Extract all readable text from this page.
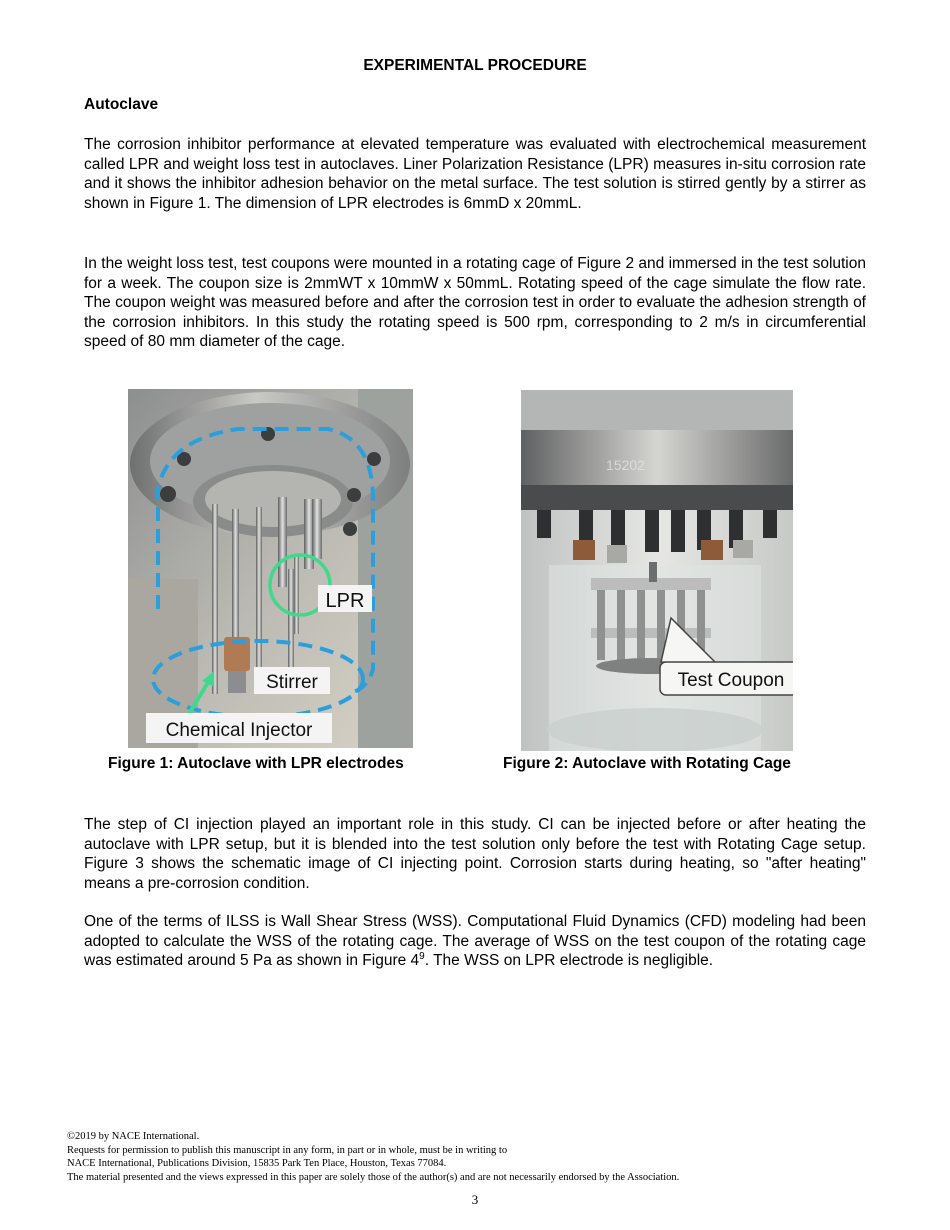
EXPERIMENTAL PROCEDURE
Autoclave

The corrosion inhibitor performance at elevated temperature was evaluated with electrochemical measurement called LPR and weight loss test in autoclaves. Liner Polarization Resistance (LPR) measures in-situ corrosion rate and it shows the inhibitor adhesion behavior on the metal surface. The test solution is stirred gently by a stirrer as shown in Figure 1. The dimension of LPR electrodes is 6mmD x 20mmL.

In the weight loss test, test coupons were mounted in a rotating cage of Figure 2 and immersed in the test solution for a week. The coupon size is 2mmWT x 10mmW x 50mmL. Rotating speed of the cage simulate the flow rate. The coupon weight was measured before and after the corrosion test in order to evaluate the adhesion strength of the corrosion inhibitors. In this study the rotating speed is 500 rpm, corresponding to 2 m/s in circumferential speed of 80 mm diameter of the cage.

LPR
Stirrer
Chemical Injector
15202
Test Coupon

Figure 1: Autoclave with LPR electrodes	Figure 2: Autoclave with Rotating Cage

The step of CI injection played an important role in this study. CI can be injected before or after heating the autoclave with LPR setup, but it is blended into the test solution only before the test with Rotating Cage setup. Figure 3 shows the schematic image of CI injecting point. Corrosion starts during heating, so "after heating" means a pre-corrosion condition.

One of the terms of ILSS is Wall Shear Stress (WSS). Computational Fluid Dynamics (CFD) modeling had been adopted to calculate the WSS of the rotating cage. The average of WSS on the test coupon of the rotating cage was estimated around 5 Pa as shown in Figure $4^9$. The WSS on LPR electrode is negligible.

©2019 by NACE International.
Requests for permission to publish this manuscript in any form, in part or in whole, must be in writing to
NACE International, Publications Division, 15835 Park Ten Place, Houston, Texas 77084.
The material presented and the views expressed in this paper are solely those of the author(s) and are not necessarily endorsed by the Association.
3
